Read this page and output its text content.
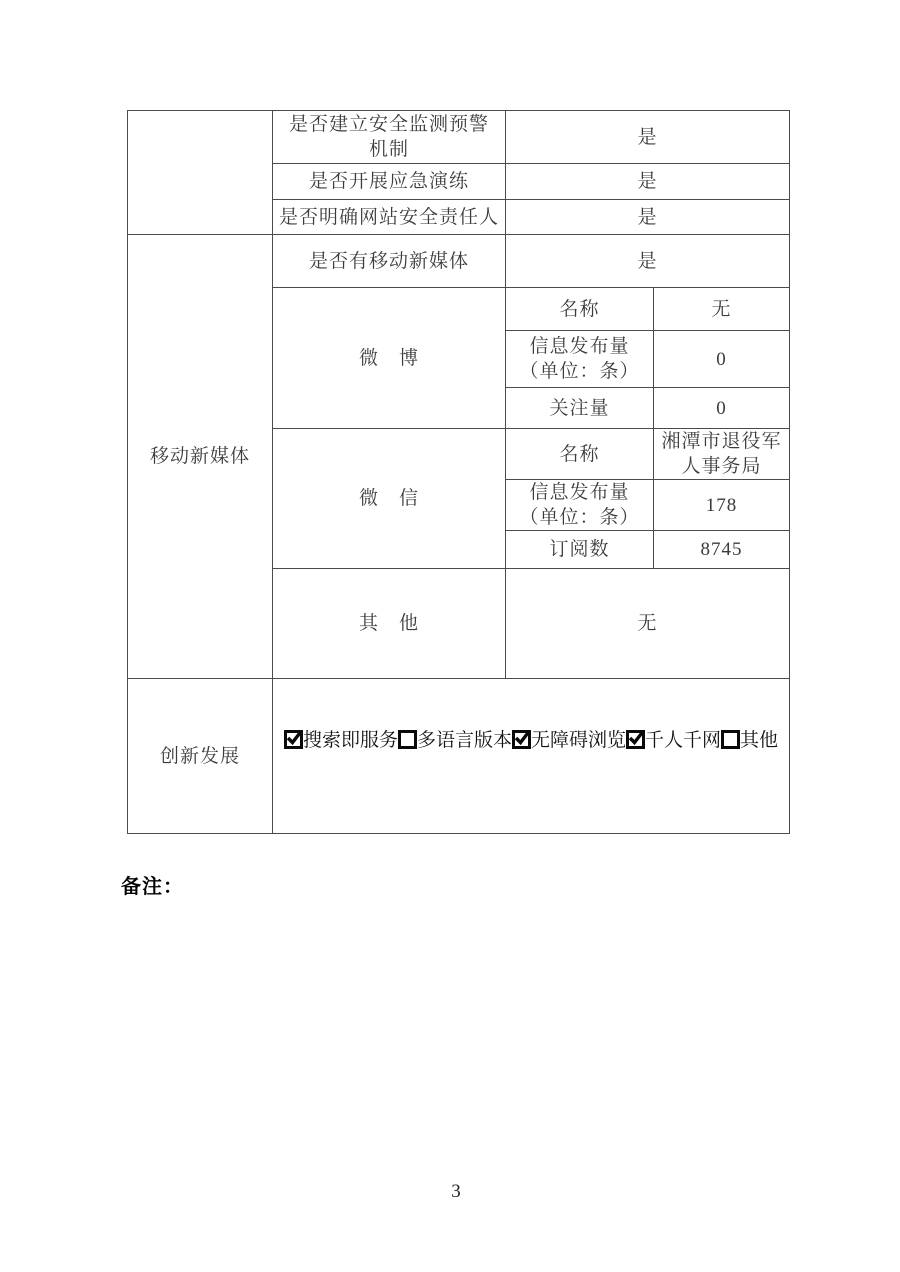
	是否建立安全监测预警
机制	是	
	是否开展应急演练	是	
	是否明确网站安全责任人	是	
移动新媒体	是否有移动新媒体	是	
	微　博	名称	无

		信息发布量
（单位：条）	0
		关注量	0
	微　信	名称	湘潭市退役军
人事务局

		信息发布量
（单位：条）	178
		订阅数	8745
	其　他	无	
创新发展	搜索即服务 多语言版本 无障碍浏览 千人千网 其他		
备注：
3
